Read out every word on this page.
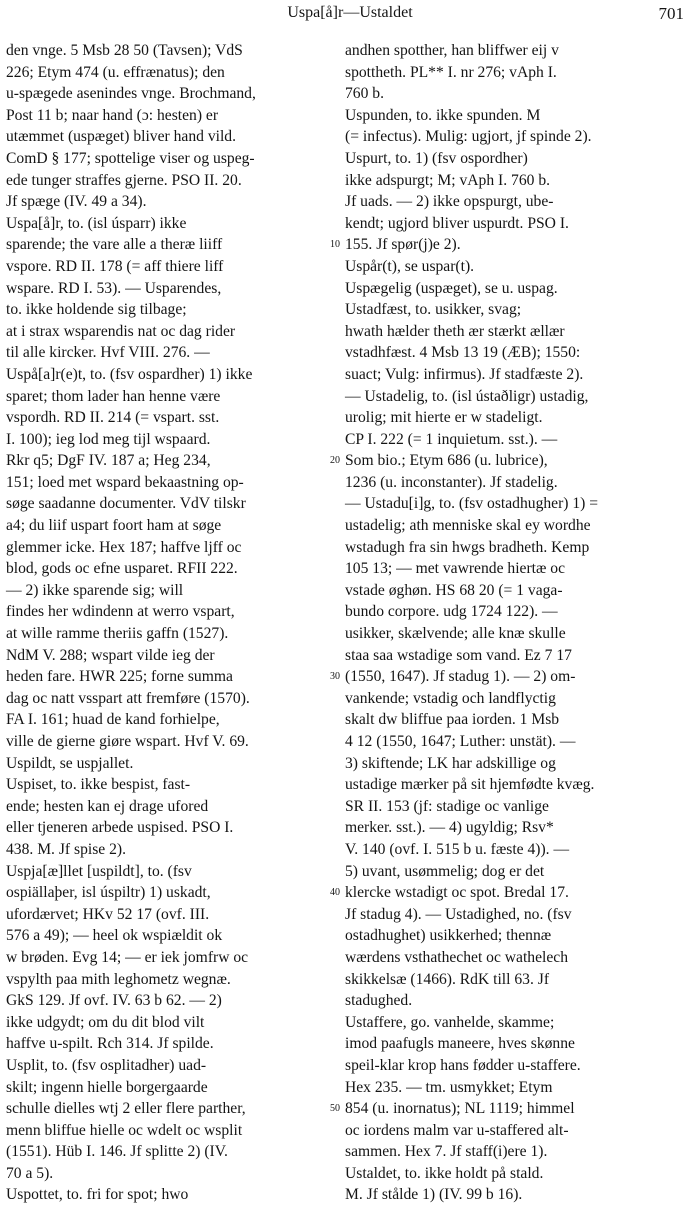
Uspa[å]r—Ustaldet	701
den vnge. 5 Msb 28 50 (Tavsen); VdS
226; Etym 474 (u. effrænatus); den
u-spægede asenindes vnge. Brochmand,
Post 11 b; naar hand (ɔ: hesten) er
utæmmet (uspæget) bliver hand vild.
ComD § 177; spottelige viser og uspeg-
ede tunger straffes gjerne. PSO II. 20.
Jf spæge (IV. 49 a 34).
Uspa[å]r, to. (isl úsparr) ikke
sparende; the vare alle a theræ liiff
vspore. RD II. 178 (= aff thiere liff
wspare. RD I. 53). — Usparendes,
to. ikke holdende sig tilbage;
at i strax wsparendis nat oc dag rider
til alle kircker. Hvf VIII. 276. —
Uspå[a]r(e)t, to. (fsv ospardher) 1) ikke
sparet; thom lader han henne være
vspordh. RD II. 214 (= vspart. sst.
I. 100); ieg lod meg tijl wspaard.
Rkr q5; DgF IV. 187 a; Heg 234,
151; loed met wspard bekaastning op-
søge saadanne documenter. VdV tilskr
a4; du liif uspart foort ham at søge
glemmer icke. Hex 187; haffve ljff oc
blod, gods oc efne usparet. RFII 222.
— 2) ikke sparende sig; will
findes her wdindenn at werro vspart,
at wille ramme theriis gaffn (1527).
NdM V. 288; wspart vilde ieg der
heden fare. HWR 225; forne summa
dag oc natt vsspart att fremføre (1570).
FA I. 161; huad de kand forhielpe,
ville de gierne giøre wspart. Hvf V. 69.
Uspildt, se uspjallet.
Uspiset, to. ikke bespist, fast-
ende; hesten kan ej drage ufored
eller tjeneren arbede uspised. PSO I.
438. M. Jf spise 2).
Uspja[æ]llet [uspildt], to. (fsv
ospiällaþer, isl úspiltr) 1) uskadt,
ufordærvet; HKv 52 17 (ovf. III.
576 a 49); — heel ok wspiældit ok
w brøden. Evg 14; — er iek jomfrw oc
vspylth paa mith leghometz wegnæ.
GkS 129. Jf ovf. IV. 63 b 62. — 2)
ikke udgydt; om du dit blod vilt
haffve u-spilt. Rch 314. Jf spilde.
Usplit, to. (fsv osplitadher) uad-
skilt; ingenn hielle borgergaarde
schulle dielles wtj 2 eller flere parther,
menn bliffue hielle oc wdelt oc wsplit
(1551). Hüb I. 146. Jf splitte 2) (IV.
70 a 5).
Uspottet, to. fri for spot; hwo
10
20
30
40
50
andhen spotther, han bliffwer eij v
spottheth. PL** I. nr 276; vAph I.
760 b.
Uspunden, to. ikke spunden. M
(= infectus). Mulig: ugjort, jf spinde 2).
Uspurt, to. 1) (fsv ospordher)
ikke adspurgt; M; vAph I. 760 b.
Jf uads. — 2) ikke opspurgt, ube-
kendt; ugjord bliver uspurdt. PSO I.
155. Jf spør(j)e 2).
Uspår(t), se uspar(t).
Uspægelig (uspæget), se u. uspag.
Ustadfæst, to. usikker, svag;
hwath hælder theth ær stærkt ællær
vstadhfæst. 4 Msb 13 19 (ÆB); 1550:
suact; Vulg: infirmus). Jf stadfæste 2).
— Ustadelig, to. (isl ústaðligr) ustadig,
urolig; mit hierte er w stadeligt.
CP I. 222 (= 1 inquietum. sst.). —
Som bio.; Etym 686 (u. lubrice),
1236 (u. inconstanter). Jf stadelig.
— Ustadu[i]g, to. (fsv ostadhugher) 1) =
ustadelig; ath menniske skal ey wordhe
wstadugh fra sin hwgs bradheth. Kemp
105 13; — met vawrende hiertæ oc
vstade øghøn. HS 68 20 (= 1 vaga-
bundo corpore. udg 1724 122). —
usikker, skælvende; alle knæ skulle
staa saa wstadige som vand. Ez 7 17
(1550, 1647). Jf stadug 1). — 2) om-
vankende; vstadig och landflyctig
skalt dw bliffue paa iorden. 1 Msb
4 12 (1550, 1647; Luther: unstät). —
3) skiftende; LK har adskillige og
ustadige mærker på sit hjemfødte kvæg.
SR II. 153 (jf: stadige oc vanlige
merker. sst.). — 4) ugyldig; Rsv*
V. 140 (ovf. I. 515 b u. fæste 4)). —
5) uvant, usømmelig; dog er det
klercke wstadigt oc spot. Bredal 17.
Jf stadug 4). — Ustadighed, no. (fsv
ostadhughet) usikkerhed; thennæ
wærdens vsthathechet oc wathelech
skikkelsæ (1466). RdK till 63. Jf
stadughed.
Ustaffere, go. vanhelde, skamme;
imod paafugls maneere, hves skønne
speil-klar krop hans fødder u-staffere.
Hex 235. — tm. usmykket; Etym
854 (u. inornatus); NL 1119; himmel
oc iordens malm var u-staffered alt-
sammen. Hex 7. Jf staff(i)ere 1).
Ustaldet, to. ikke holdt på stald.
M. Jf stålde 1) (IV. 99 b 16).
